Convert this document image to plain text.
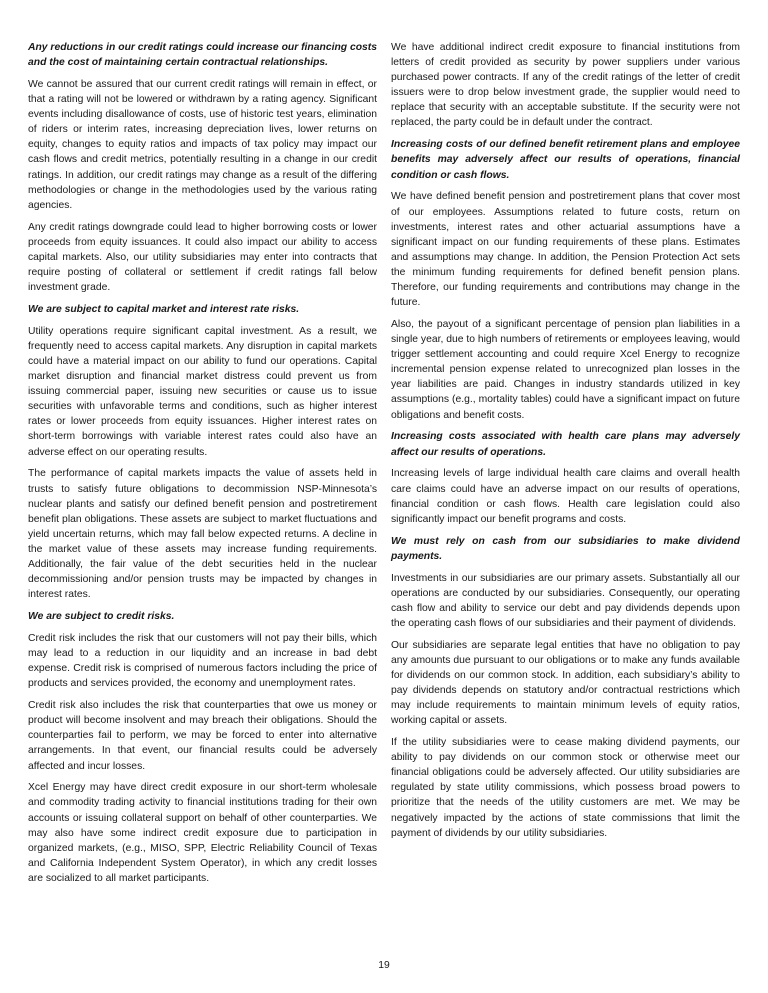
Any reductions in our credit ratings could increase our financing costs and the cost of maintaining certain contractual relationships.

We cannot be assured that our current credit ratings will remain in effect, or that a rating will not be lowered or withdrawn by a rating agency. Significant events including disallowance of costs, use of historic test years, elimination of riders or interim rates, increasing depreciation lives, lower returns on equity, changes to equity ratios and impacts of tax policy may impact our cash flows and credit metrics, potentially resulting in a change in our credit ratings. In addition, our credit ratings may change as a result of the differing methodologies or change in the methodologies used by the various rating agencies.

Any credit ratings downgrade could lead to higher borrowing costs or lower proceeds from equity issuances. It could also impact our ability to access capital markets. Also, our utility subsidiaries may enter into contracts that require posting of collateral or settlement if credit ratings fall below investment grade.

We are subject to capital market and interest rate risks.

Utility operations require significant capital investment. As a result, we frequently need to access capital markets. Any disruption in capital markets could have a material impact on our ability to fund our operations. Capital market disruption and financial market distress could prevent us from issuing commercial paper, issuing new securities or cause us to issue securities with unfavorable terms and conditions, such as higher interest rates or lower proceeds from equity issuances. Higher interest rates on short-term borrowings with variable interest rates could also have an adverse effect on our operating results.

The performance of capital markets impacts the value of assets held in trusts to satisfy future obligations to decommission NSP-Minnesota’s nuclear plants and satisfy our defined benefit pension and postretirement benefit plan obligations. These assets are subject to market fluctuations and yield uncertain returns, which may fall below expected returns. A decline in the market value of these assets may increase funding requirements. Additionally, the fair value of the debt securities held in the nuclear decommissioning and/or pension trusts may be impacted by changes in interest rates.

We are subject to credit risks.

Credit risk includes the risk that our customers will not pay their bills, which may lead to a reduction in our liquidity and an increase in bad debt expense. Credit risk is comprised of numerous factors including the price of products and services provided, the economy and unemployment rates.

Credit risk also includes the risk that counterparties that owe us money or product will become insolvent and may breach their obligations. Should the counterparties fail to perform, we may be forced to enter into alternative arrangements. In that event, our financial results could be adversely affected and incur losses.

Xcel Energy may have direct credit exposure in our short-term wholesale and commodity trading activity to financial institutions trading for their own accounts or issuing collateral support on behalf of other counterparties. We may also have some indirect credit exposure due to participation in organized markets, (e.g., MISO, SPP, Electric Reliability Council of Texas and California Independent System Operator), in which any credit losses are socialized to all market participants.

We have additional indirect credit exposure to financial institutions from letters of credit provided as security by power suppliers under various purchased power contracts. If any of the credit ratings of the letter of credit issuers were to drop below investment grade, the supplier would need to replace that security with an acceptable substitute. If the security were not replaced, the party could be in default under the contract.

Increasing costs of our defined benefit retirement plans and employee benefits may adversely affect our results of operations, financial condition or cash flows.

We have defined benefit pension and postretirement plans that cover most of our employees. Assumptions related to future costs, return on investments, interest rates and other actuarial assumptions have a significant impact on our funding requirements of these plans. Estimates and assumptions may change. In addition, the Pension Protection Act sets the minimum funding requirements for defined benefit pension plans. Therefore, our funding requirements and contributions may change in the future.

Also, the payout of a significant percentage of pension plan liabilities in a single year, due to high numbers of retirements or employees leaving, would trigger settlement accounting and could require Xcel Energy to recognize incremental pension expense related to unrecognized plan losses in the year liabilities are paid. Changes in industry standards utilized in key assumptions (e.g., mortality tables) could have a significant impact on future obligations and benefit costs.

Increasing costs associated with health care plans may adversely affect our results of operations.

Increasing levels of large individual health care claims and overall health care claims could have an adverse impact on our results of operations, financial condition or cash flows. Health care legislation could also significantly impact our benefit programs and costs.

We must rely on cash from our subsidiaries to make dividend payments.

Investments in our subsidiaries are our primary assets. Substantially all our operations are conducted by our subsidiaries. Consequently, our operating cash flow and ability to service our debt and pay dividends depends upon the operating cash flows of our subsidiaries and their payment of dividends.

Our subsidiaries are separate legal entities that have no obligation to pay any amounts due pursuant to our obligations or to make any funds available for dividends on our common stock. In addition, each subsidiary’s ability to pay dividends depends on statutory and/or contractual restrictions which may include requirements to maintain minimum levels of equity ratios, working capital or assets.

If the utility subsidiaries were to cease making dividend payments, our ability to pay dividends on our common stock or otherwise meet our financial obligations could be adversely affected. Our utility subsidiaries are regulated by state utility commissions, which possess broad powers to prioritize that the needs of the utility customers are met. We may be negatively impacted by the actions of state commissions that limit the payment of dividends by our utility subsidiaries.

19
